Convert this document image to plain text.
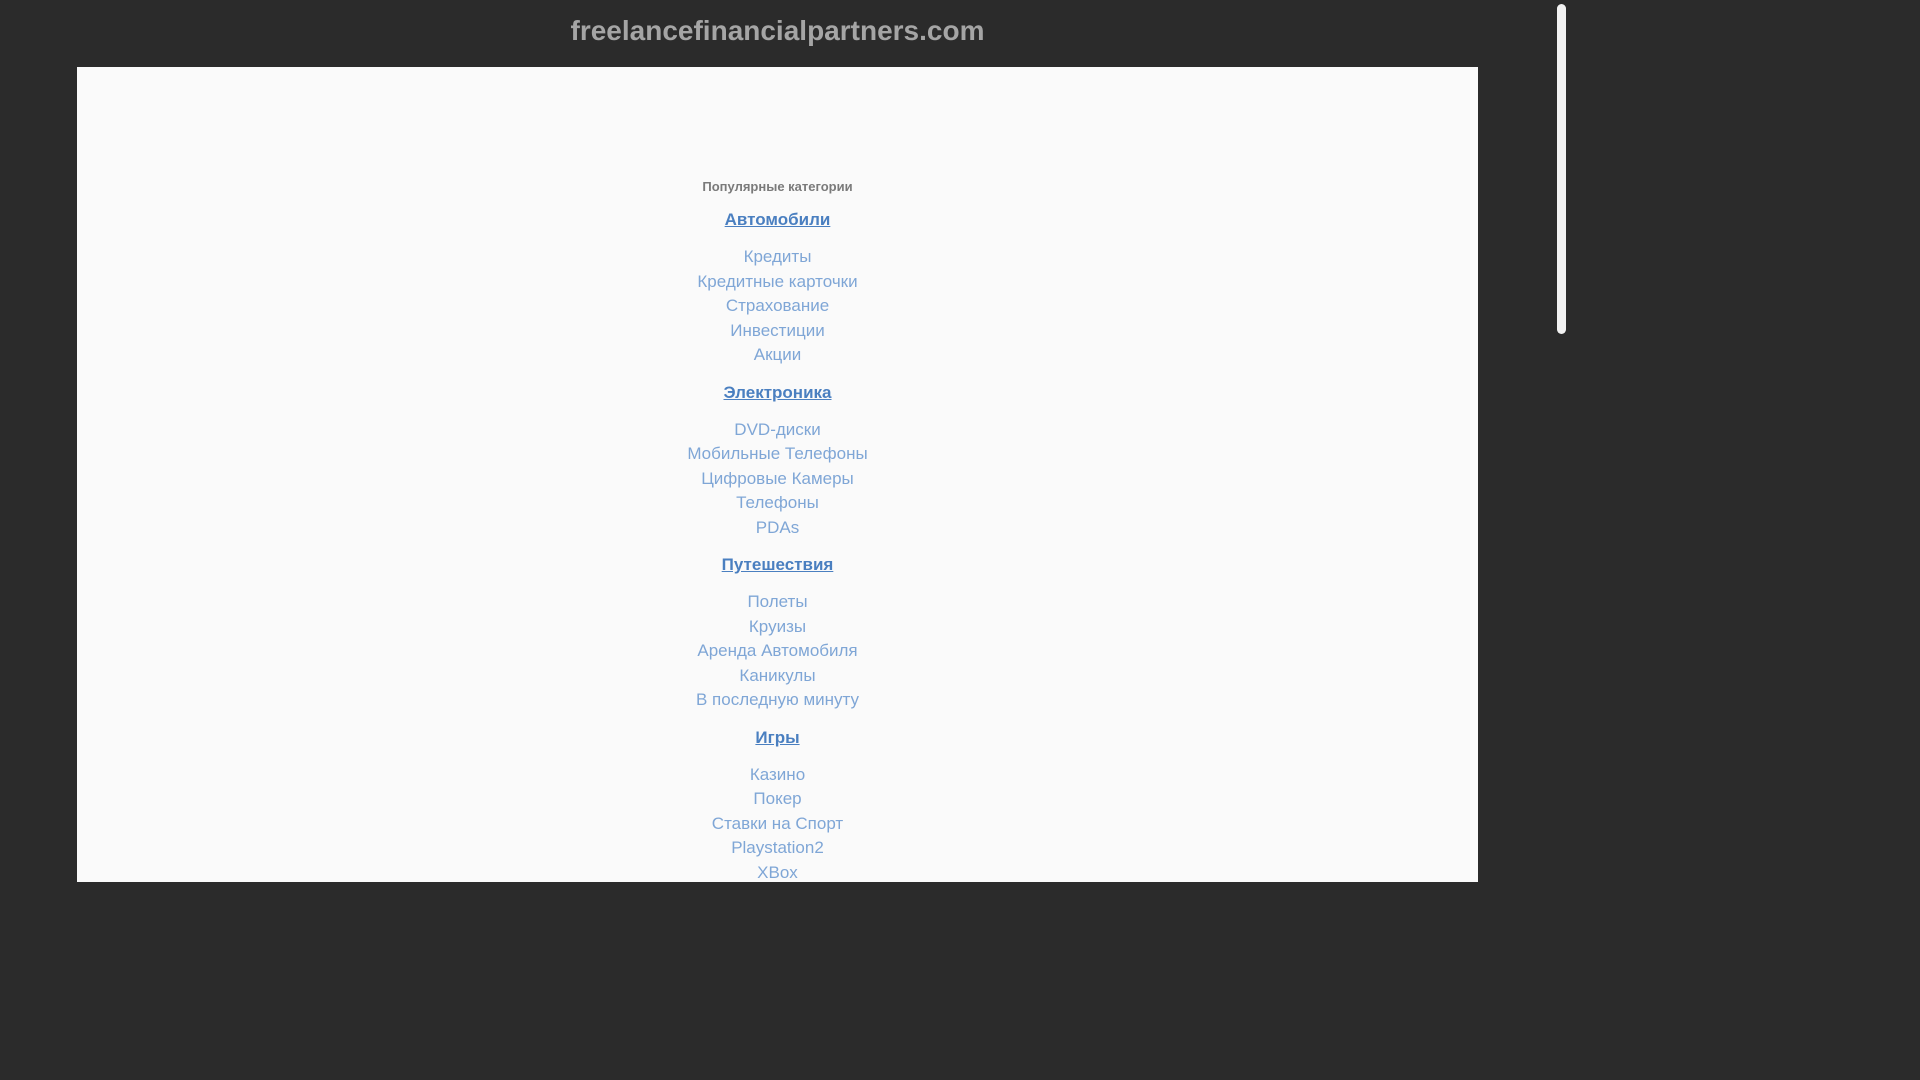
freelancefinancialpartners.com
Популярные категории
Автомобили
Кредиты
Кредитные карточки
Страхование
Инвестиции
Акции
Электроника
DVD-диски
Мобильные Телефоны
Цифровые Камеры
Телефоны
PDAs
Путешествия
Полеты
Круизы
Аренда Автомобиля
Каникулы
В последную минуту
Игры
Казино
Покер
Ставки на Спорт
Playstation2
XBox
